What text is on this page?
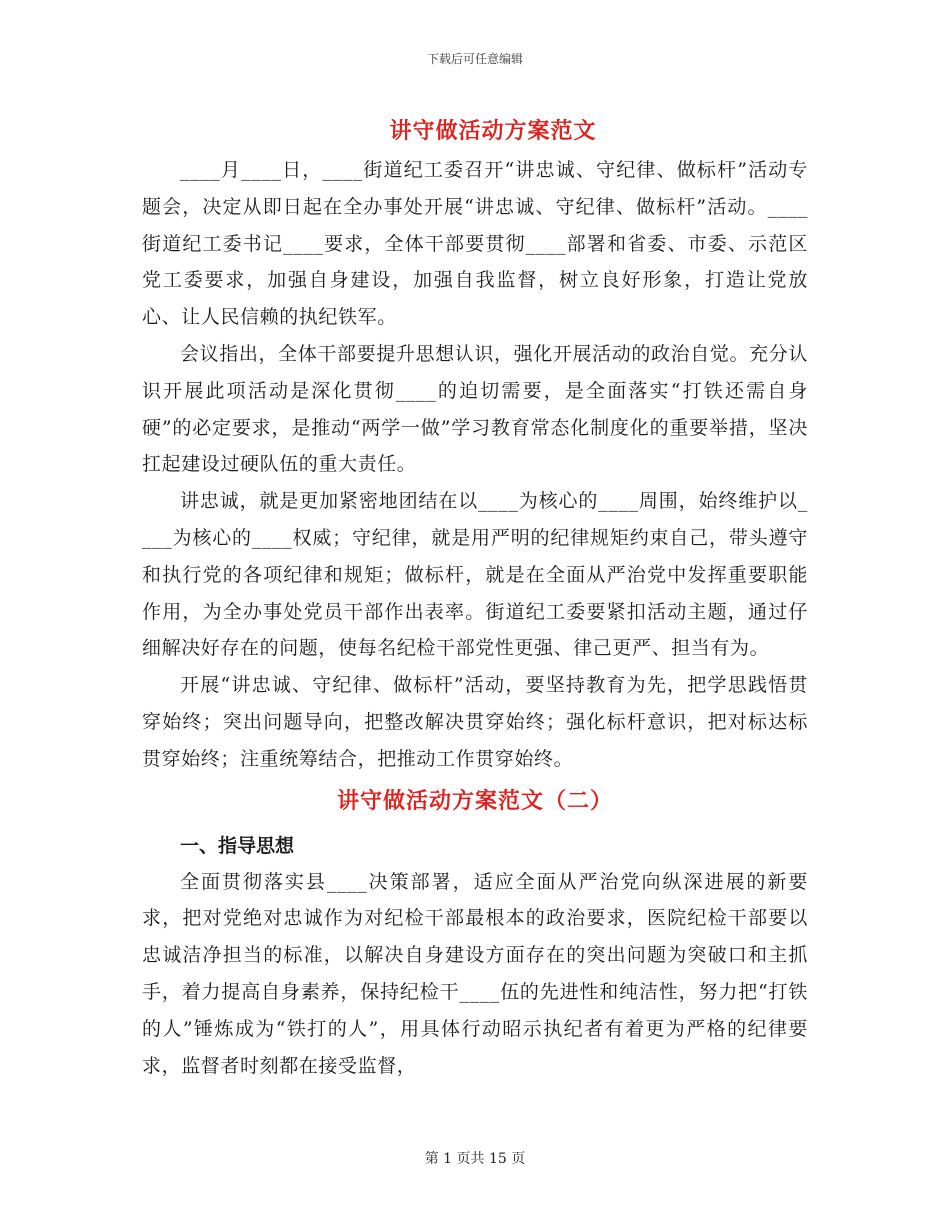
下载后可任意编辑
讲守做活动方案范文

____月____日，____街道纪工委召开“讲忠诚、守纪律、做标杆”活动专题会，决定从即日起在全办事处开展“讲忠诚、守纪律、做标杆”活动。____街道纪工委书记____要求，全体干部要贯彻____部署和省委、市委、示范区党工委要求，加强自身建设，加强自我监督，树立良好形象，打造让党放心、让人民信赖的执纪铁军。

会议指出，全体干部要提升思想认识，强化开展活动的政治自觉。充分认识开展此项活动是深化贯彻____的迫切需要，是全面落实“打铁还需自身硬”的必定要求，是推动“两学一做”学习教育常态化制度化的重要举措，坚决扛起建设过硬队伍的重大责任。

讲忠诚，就是更加紧密地团结在以____为核心的____周围，始终维护以____为核心的____权威；守纪律，就是用严明的纪律规矩约束自己，带头遵守和执行党的各项纪律和规矩；做标杆，就是在全面从严治党中发挥重要职能作用，为全办事处党员干部作出表率。街道纪工委要紧扣活动主题，通过仔细解决好存在的问题，使每名纪检干部党性更强、律己更严、担当有为。

开展“讲忠诚、守纪律、做标杆”活动，要坚持教育为先，把学思践悟贯穿始终；突出问题导向，把整改解决贯穿始终；强化标杆意识，把对标达标贯穿始终；注重统筹结合，把推动工作贯穿始终。

讲守做活动方案范文（二）
一、指导思想

全面贯彻落实县____决策部署，适应全面从严治党向纵深进展的新要求，把对党绝对忠诚作为对纪检干部最根本的政治要求，医院纪检干部要以忠诚洁净担当的标准，以解决自身建设方面存在的突出问题为突破口和主抓手，着力提高自身素养，保持纪检干____伍的先进性和纯洁性，努力把“打铁的人”锤炼成为“铁打的人”，用具体行动昭示执纪者有着更为严格的纪律要求，监督者时刻都在接受监督，

第 1 页共 15 页
